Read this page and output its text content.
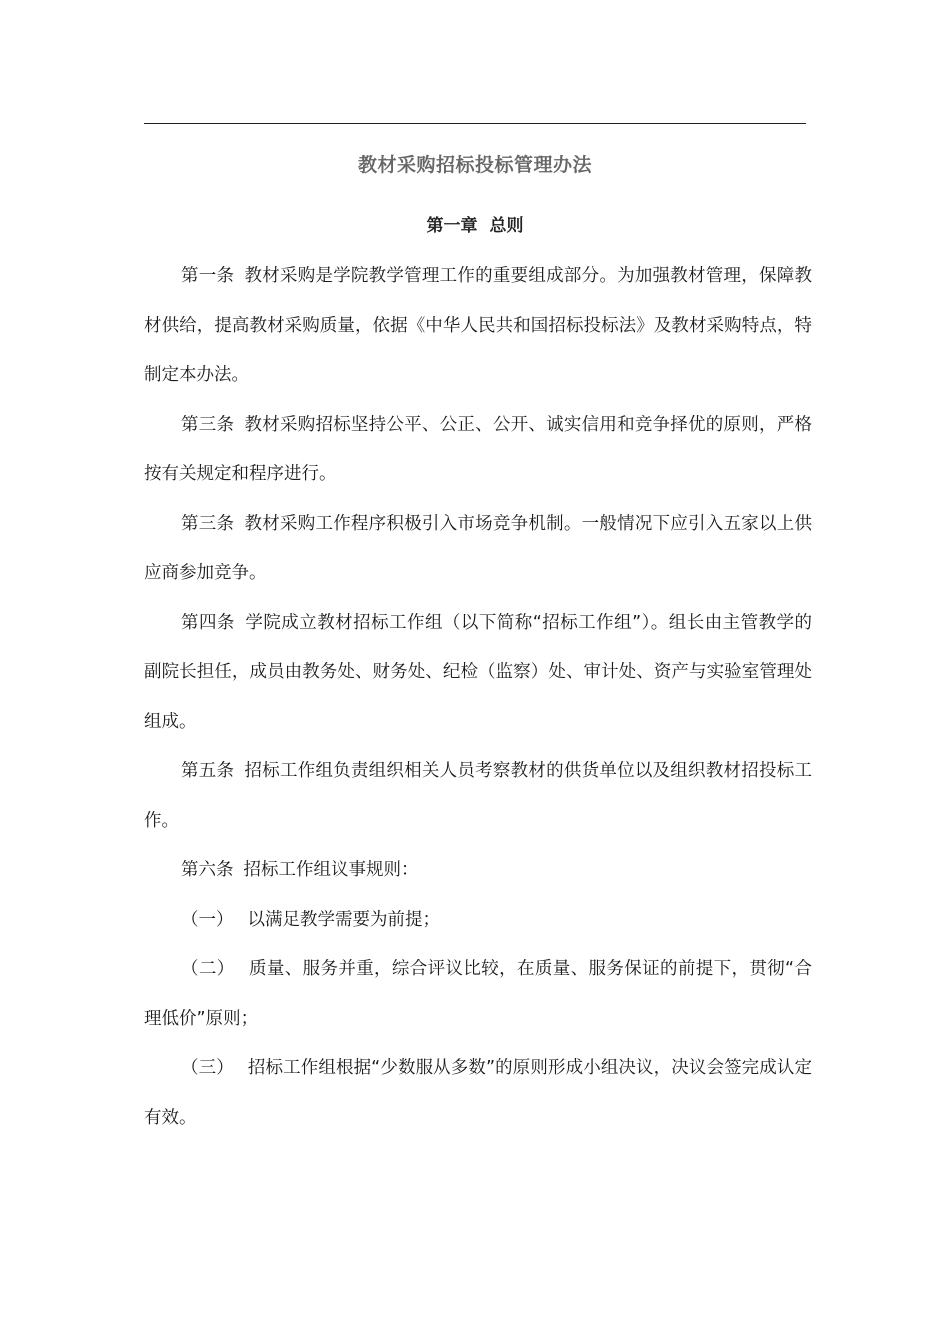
教材采购招标投标管理办法
第一章 总则

第一条 教材采购是学院教学管理工作的重要组成部分。为加强教材管理，保障教材供给，提高教材采购质量，依据《中华人民共和国招标投标法》及教材采购特点，特制定本办法。

第三条 教材采购招标坚持公平、公正、公开、诚实信用和竞争择优的原则，严格按有关规定和程序进行。

第三条 教材采购工作程序积极引入市场竞争机制。一般情况下应引入五家以上供应商参加竞争。

第四条 学院成立教材招标工作组（以下简称“招标工作组”）。组长由主管教学的副院长担任，成员由教务处、财务处、纪检（监察）处、审计处、资产与实验室管理处组成。

第五条 招标工作组负责组织相关人员考察教材的供货单位以及组织教材招投标工作。

第六条 招标工作组议事规则：

（一） 以满足教学需要为前提；

（二） 质量、服务并重，综合评议比较，在质量、服务保证的前提下，贯彻“合理低价”原则；

（三） 招标工作组根据“少数服从多数”的原则形成小组决议，决议会签完成认定有效。
